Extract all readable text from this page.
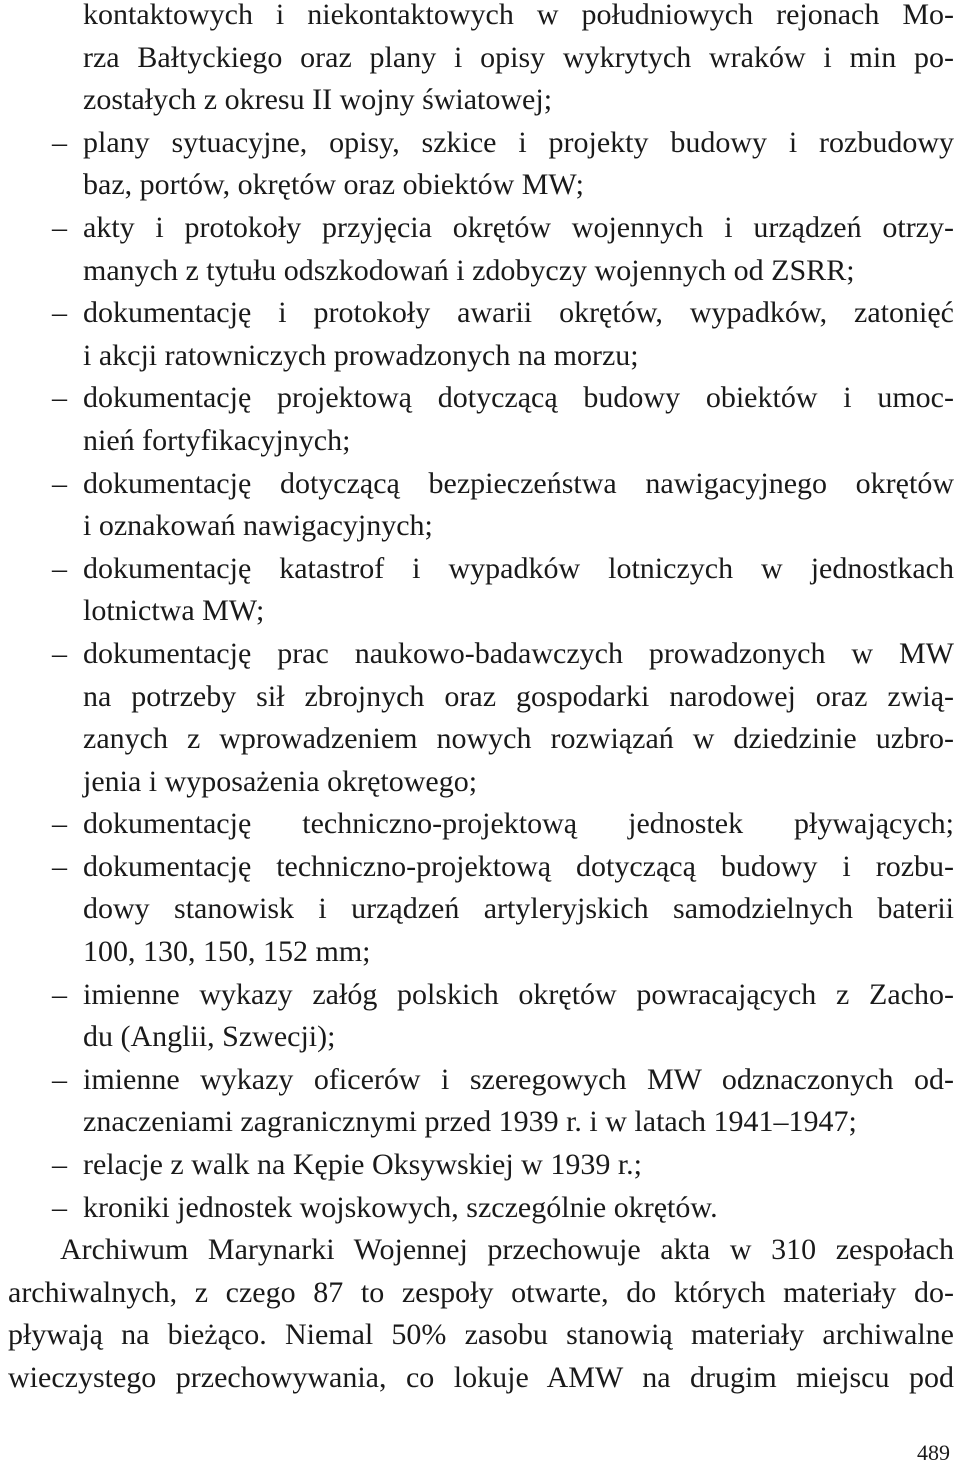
kontaktowych i niekontaktowych w południowych rejonach Mo-
rza Bałtyckiego oraz plany i opisy wykrytych wraków i min po-
zostałych z okresu II wojny światowej;
– plany sytuacyjne, opisy, szkice i projekty budowy i rozbudowy
baz, portów, okrętów oraz obiektów MW;
– akty i protokoły przyjęcia okrętów wojennych i urządzeń otrzy-
manych z tytułu odszkodowań i zdobyczy wojennych od ZSRR;
– dokumentację i protokoły awarii okrętów, wypadków, zatonięć
i akcji ratowniczych prowadzonych na morzu;
– dokumentację projektową dotyczącą budowy obiektów i umoc-
nień fortyfikacyjnych;
– dokumentację dotyczącą bezpieczeństwa nawigacyjnego okrętów
i oznakowań nawigacyjnych;
– dokumentację katastrof i wypadków lotniczych w jednostkach
lotnictwa MW;
– dokumentację prac naukowo-badawczych prowadzonych w MW
na potrzeby sił zbrojnych oraz gospodarki narodowej oraz zwią-
zanych z wprowadzeniem nowych rozwiązań w dziedzinie uzbro-
jenia i wyposażenia okrętowego;
– dokumentację techniczno-projektową jednostek pływających;
– dokumentację techniczno-projektową dotyczącą budowy i rozbu-
dowy stanowisk i urządzeń artyleryjskich samodzielnych baterii
100, 130, 150, 152 mm;
– imienne wykazy załóg polskich okrętów powracających z Zacho-
du (Anglii, Szwecji);
– imienne wykazy oficerów i szeregowych MW odznaczonych od-
znaczeniami zagranicznymi przed 1939 r. i w latach 1941–1947;
– relacje z walk na Kępie Oksywskiej w 1939 r.;
– kroniki jednostek wojskowych, szczególnie okrętów.
Archiwum Marynarki Wojennej przechowuje akta w 310 zespołach
archiwalnych, z czego 87 to zespoły otwarte, do których materiały do-
pływają na bieżąco. Niemal 50% zasobu stanowią materiały archiwalne
wieczystego przechowywania, co lokuje AMW na drugim miejscu pod
489
